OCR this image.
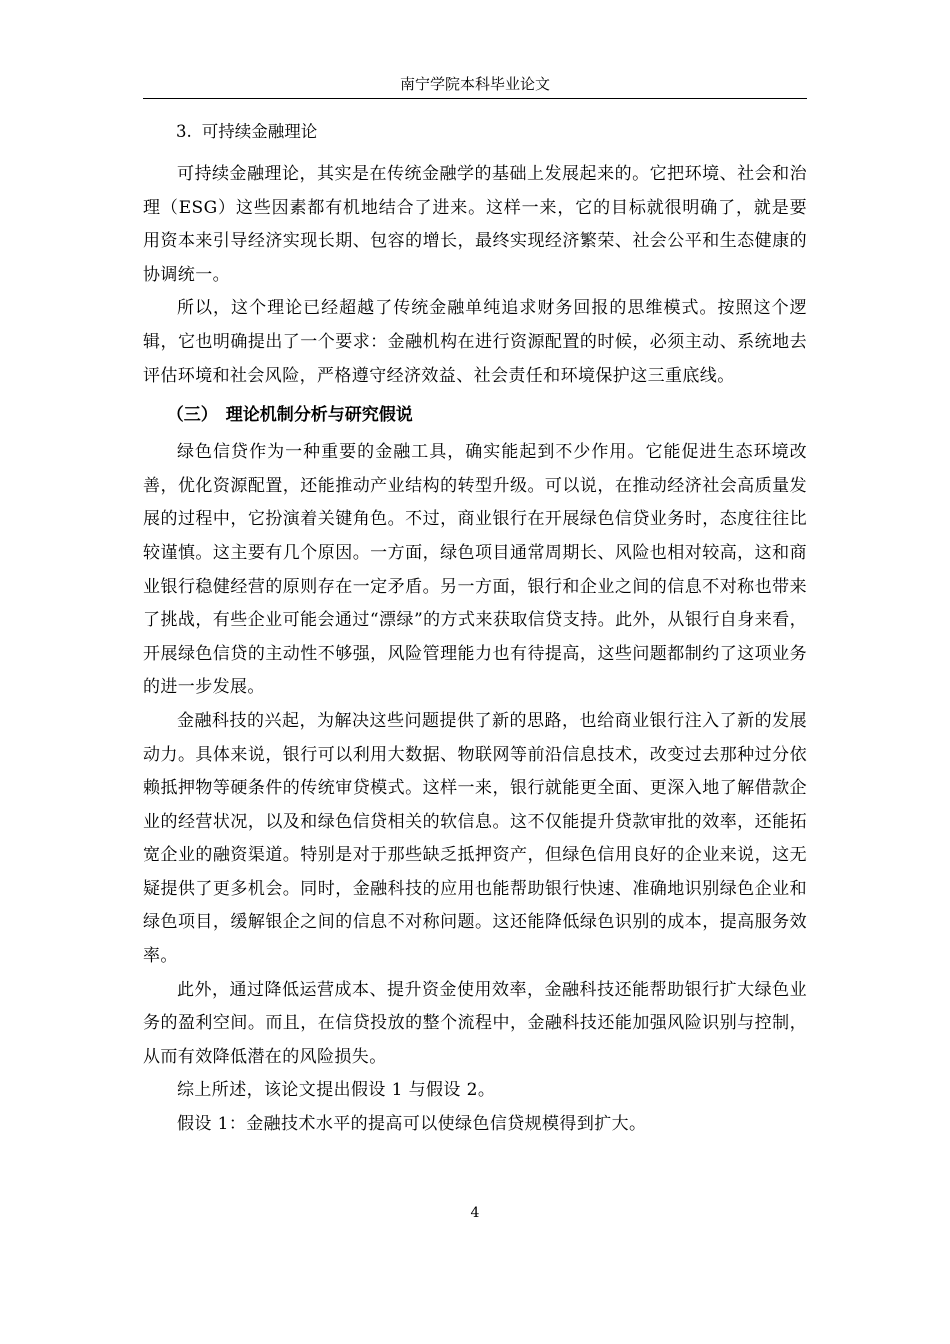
南宁学院本科毕业论文

3. 可持续金融理论

可持续金融理论，其实是在传统金融学的基础上发展起来的。它把环境、社会和治理（ESG）这些因素都有机地结合了进来。这样一来，它的目标就很明确了，就是要用资本来引导经济实现长期、包容的增长，最终实现经济繁荣、社会公平和生态健康的协调统一。

所以，这个理论已经超越了传统金融单纯追求财务回报的思维模式。按照这个逻辑，它也明确提出了一个要求：金融机构在进行资源配置的时候，必须主动、系统地去评估环境和社会风险，严格遵守经济效益、社会责任和环境保护这三重底线。

（三） 理论机制分析与研究假说

绿色信贷作为一种重要的金融工具，确实能起到不少作用。它能促进生态环境改善，优化资源配置，还能推动产业结构的转型升级。可以说，在推动经济社会高质量发展的过程中，它扮演着关键角色。不过，商业银行在开展绿色信贷业务时，态度往往比较谨慎。这主要有几个原因。一方面，绿色项目通常周期长、风险也相对较高，这和商业银行稳健经营的原则存在一定矛盾。另一方面，银行和企业之间的信息不对称也带来了挑战，有些企业可能会通过“漂绿”的方式来获取信贷支持。此外，从银行自身来看，开展绿色信贷的主动性不够强，风险管理能力也有待提高，这些问题都制约了这项业务的进一步发展。

金融科技的兴起，为解决这些问题提供了新的思路，也给商业银行注入了新的发展动力。具体来说，银行可以利用大数据、物联网等前沿信息技术，改变过去那种过分依赖抵押物等硬条件的传统审贷模式。这样一来，银行就能更全面、更深入地了解借款企业的经营状况，以及和绿色信贷相关的软信息。这不仅能提升贷款审批的效率，还能拓宽企业的融资渠道。特别是对于那些缺乏抵押资产，但绿色信用良好的企业来说，这无疑提供了更多机会。同时，金融科技的应用也能帮助银行快速、准确地识别绿色企业和绿色项目，缓解银企之间的信息不对称问题。这还能降低绿色识别的成本，提高服务效率。

此外，通过降低运营成本、提升资金使用效率，金融科技还能帮助银行扩大绿色业务的盈利空间。而且，在信贷投放的整个流程中，金融科技还能加强风险识别与控制，从而有效降低潜在的风险损失。

综上所述，该论文提出假设 1 与假设 2。

假设 1：金融技术水平的提高可以使绿色信贷规模得到扩大。

4
